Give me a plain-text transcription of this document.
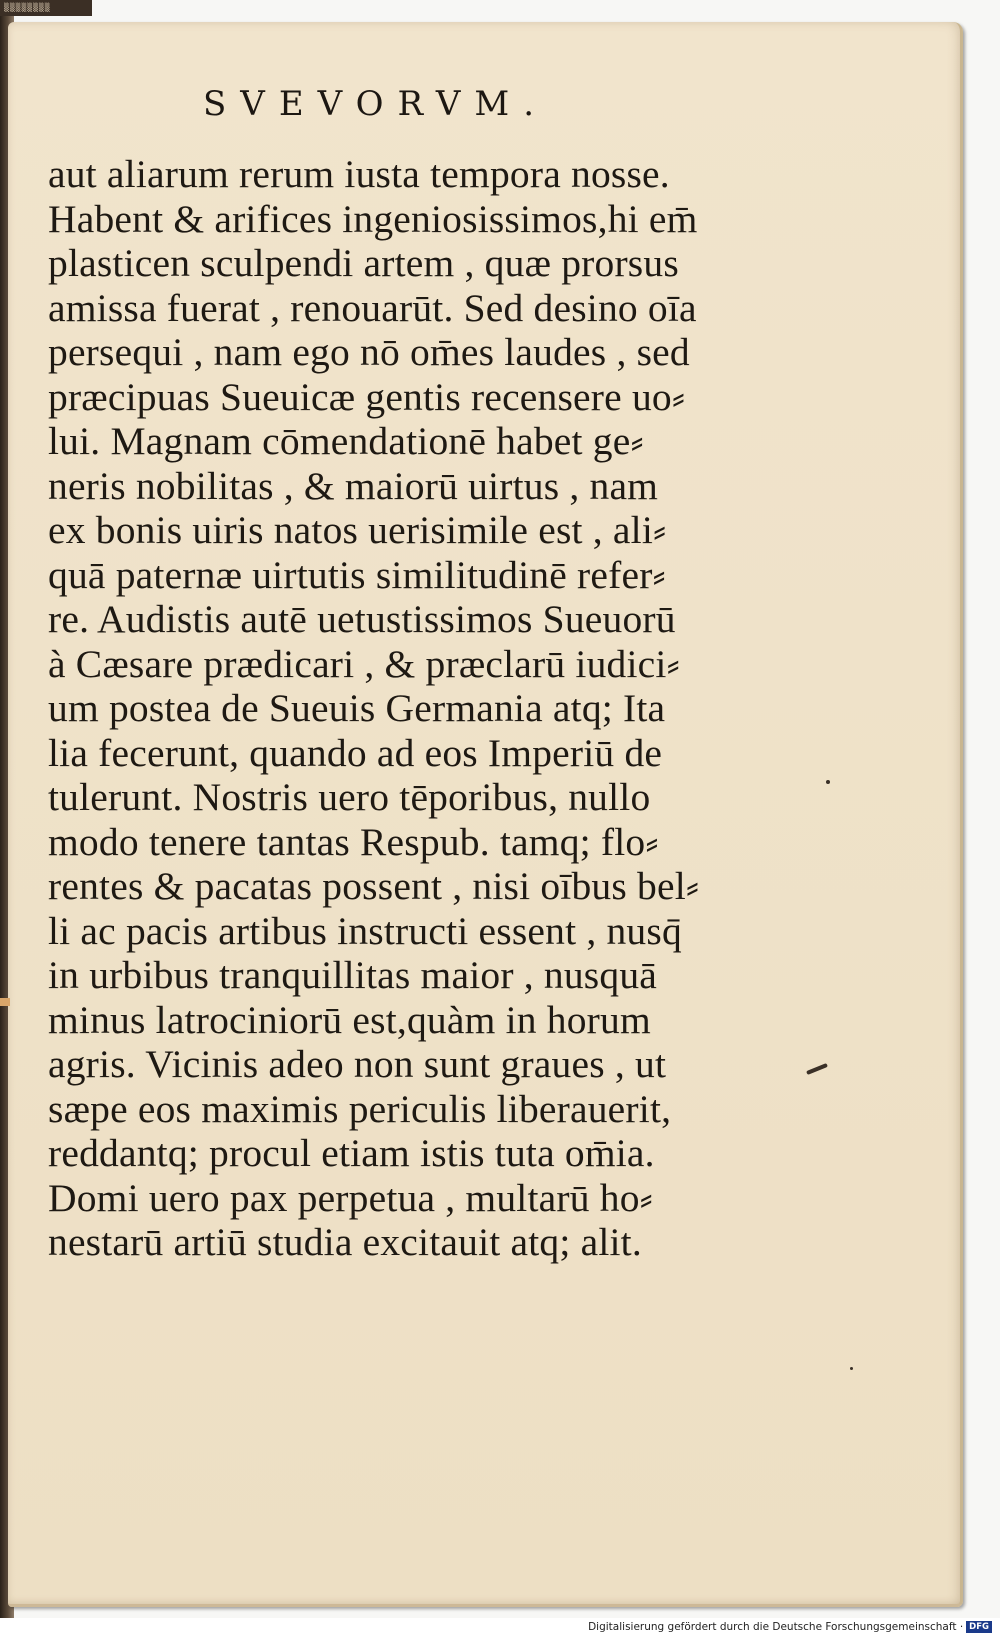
▒▒▒▒▒▒▒▒
SVEVORVM.
aut aliarum rerum iusta tempora nosse.
Habent & arifices ingeniosissimos,hi em̄
plasticen sculpendi artem , quæ prorsus
amissa fuerat , renouarūt. Sed desino oīa
persequi , nam ego nō om̄es laudes , sed
præcipuas Sueuicæ gentis recensere uo⸗
lui. Magnam cōmendationē habet ge⸗
neris nobilitas , & maiorū uirtus , nam
ex bonis uiris natos uerisimile est , ali⸗
quā paternæ uirtutis similitudinē refer⸗
re. Audistis autē uetustissimos Sueuorū
à Cæsare prædicari , & præclarū iudici⸗
um postea de Sueuis Germania atq; Ita
lia fecerunt, quando ad eos Imperiū de
tulerunt. Nostris uero tēporibus, nullo
modo tenere tantas Respub. tamq; flo⸗
rentes & pacatas possent , nisi oībus bel⸗
li ac pacis artibus instructi essent , nusq̄
in urbibus tranquillitas maior , nusquā
minus latrociniorū est,quàm in horum
agris. Vicinis adeo non sunt graues , ut
sæpe eos maximis periculis liberauerit,
reddantq; procul etiam istis tuta om̄ia.
Domi uero pax perpetua , multarū ho⸗
nestarū artiū studia excitauit atq; alit.
Digitalisierung gefördert durch die Deutsche Forschungsgemeinschaft · DFG
